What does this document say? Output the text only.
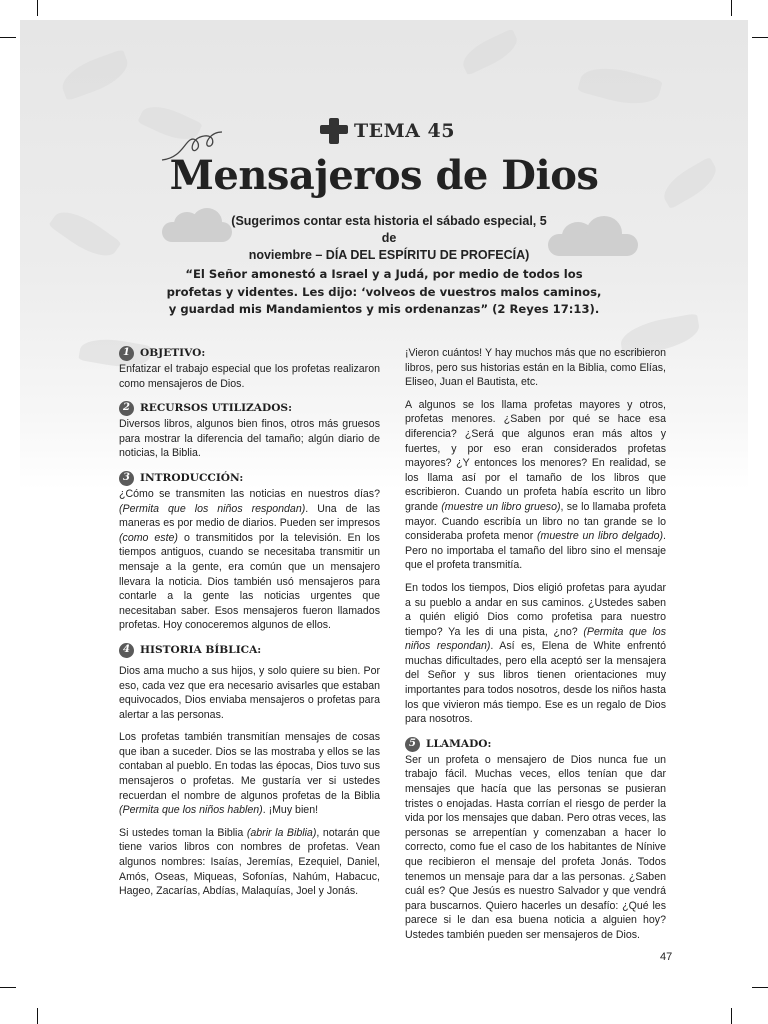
TEMA 45
Mensajeros de Dios
(Sugerimos contar esta historia el sábado especial, 5 de
noviembre – DÍA DEL ESPÍRITU DE PROFECÍA)
“El Señor amonestó a Israel y a Judá, por medio de todos los
profetas y videntes. Les dijo: ‘volveos de vuestros malos caminos,
y guardad mis Mandamientos y mis ordenanzas” (2 Reyes 17:13).
1 OBJETIVO:

Enfatizar el trabajo especial que los profetas realizaron como mensajeros de Dios.

2 RECURSOS UTILIZADOS:

Diversos libros, algunos bien finos, otros más gruesos para mostrar la diferencia del tamaño; algún diario de noticias, la Biblia.

3 INTRODUCCIÓN:

¿Cómo se transmiten las noticias en nuestros días? (Permita que los niños respondan). Una de las maneras es por medio de diarios. Pueden ser impresos (como este) o transmitidos por la televisión. En los tiempos antiguos, cuando se necesitaba transmitir un mensaje a la gente, era común que un mensajero llevara la noticia. Dios también usó mensajeros para contarle a la gente las noticias urgentes que necesitaban saber. Esos mensajeros fueron llamados profetas. Hoy conoceremos algunos de ellos.

4 HISTORIA BÍBLICA:

Dios ama mucho a sus hijos, y solo quiere su bien. Por eso, cada vez que era necesario avisarles que estaban equivocados, Dios enviaba mensajeros o profetas para alertar a las personas.

Los profetas también transmitían mensajes de cosas que iban a suceder. Dios se las mostraba y ellos se las contaban al pueblo. En todas las épocas, Dios tuvo sus mensajeros o profetas. Me gustaría ver si ustedes recuerdan el nombre de algunos profetas de la Biblia (Permita que los niños hablen). ¡Muy bien!

Si ustedes toman la Biblia (abrir la Biblia), notarán que tiene varios libros con nombres de profetas. Vean algunos nombres: Isaías, Jeremías, Ezequiel, Daniel, Amós, Oseas, Miqueas, Sofonías, Nahúm, Habacuc, Hageo, Zacarías, Abdías, Malaquías, Joel y Jonás.

¡Vieron cuántos! Y hay muchos más que no escribieron libros, pero sus historias están en la Biblia, como Elías, Eliseo, Juan el Bautista, etc.

A algunos se los llama profetas mayores y otros, profetas menores. ¿Saben por qué se hace esa diferencia? ¿Será que algunos eran más altos y fuertes, y por eso eran considerados profetas mayores? ¿Y entonces los menores? En realidad, se los llama así por el tamaño de los libros que escribieron. Cuando un profeta había escrito un libro grande (muestre un libro grueso), se lo llamaba profeta mayor. Cuando escribía un libro no tan grande se lo consideraba profeta menor (muestre un libro delgado). Pero no importaba el tamaño del libro sino el mensaje que el profeta transmitía.

En todos los tiempos, Dios eligió profetas para ayudar a su pueblo a andar en sus caminos. ¿Ustedes saben a quién eligió Dios como profetisa para nuestro tiempo? Ya les di una pista, ¿no? (Permita que los niños respondan). Así es, Elena de White enfrentó muchas dificultades, pero ella aceptó ser la mensajera del Señor y sus libros tienen orientaciones muy importantes para todos nosotros, desde los niños hasta los que vivieron más tiempo. Ese es un regalo de Dios para nosotros.

5 LLAMADO:

Ser un profeta o mensajero de Dios nunca fue un trabajo fácil. Muchas veces, ellos tenían que dar mensajes que hacía que las personas se pusieran tristes o enojadas. Hasta corrían el riesgo de perder la vida por los mensajes que daban. Pero otras veces, las personas se arrepentían y comenzaban a hacer lo correcto, como fue el caso de los habitantes de Nínive que recibieron el mensaje del profeta Jonás. Todos tenemos un mensaje para dar a las personas. ¿Saben cuál es? Que Jesús es nuestro Salvador y que vendrá para buscarnos. Quiero hacerles un desafío: ¿Qué les parece si le dan esa buena noticia a alguien hoy? Ustedes también pueden ser mensajeros de Dios.

47
